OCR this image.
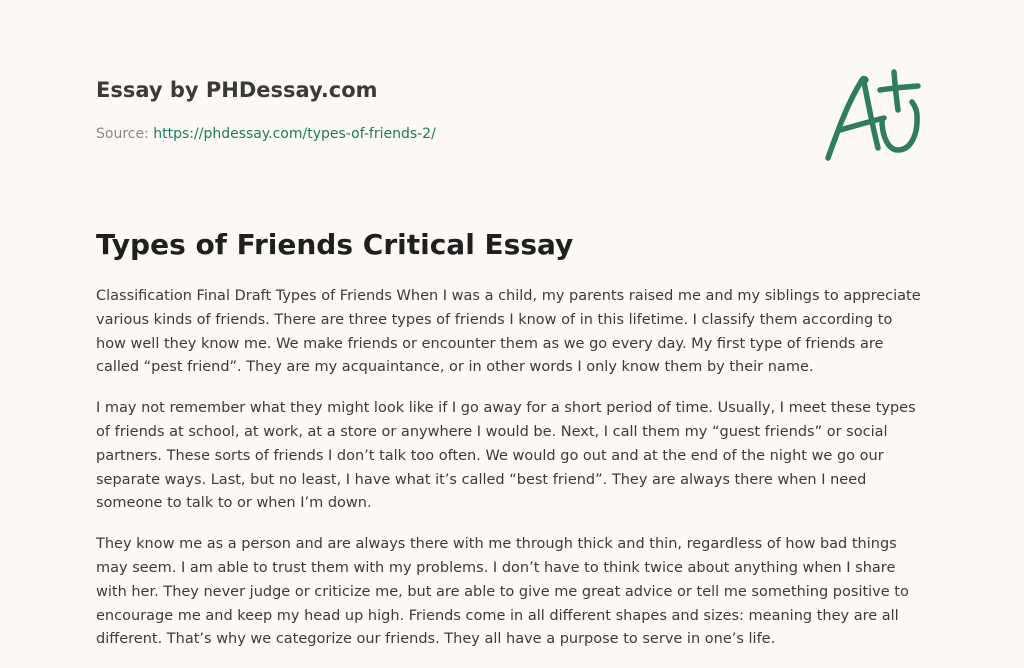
Essay by PHDessay.com
Source: https://phdessay.com/types-of-friends-2/
Types of Friends Critical Essay

Classification Final Draft Types of Friends When I was a child, my parents raised me and my siblings to appreciate various kinds of friends. There are three types of friends I know of in this lifetime. I classify them according to how well they know me. We make friends or encounter them as we go every day. My first type of friends are called “pest friend”. They are my acquaintance, or in other words I only know them by their name.

I may not remember what they might look like if I go away for a short period of time. Usually, I meet these types of friends at school, at work, at a store or anywhere I would be. Next, I call them my “guest friends” or social partners. These sorts of friends I don’t talk too often. We would go out and at the end of the night we go our separate ways. Last, but no least, I have what it’s called “best friend”. They are always there when I need someone to talk to or when I’m down.

They know me as a person and are always there with me through thick and thin, regardless of how bad things may seem. I am able to trust them with my problems. I don’t have to think twice about anything when I share with her. They never judge or criticize me, but are able to give me great advice or tell me something positive to encourage me and keep my head up high. Friends come in all different shapes and sizes: meaning they are all different. That’s why we categorize our friends. They all have a purpose to serve in one’s life.
